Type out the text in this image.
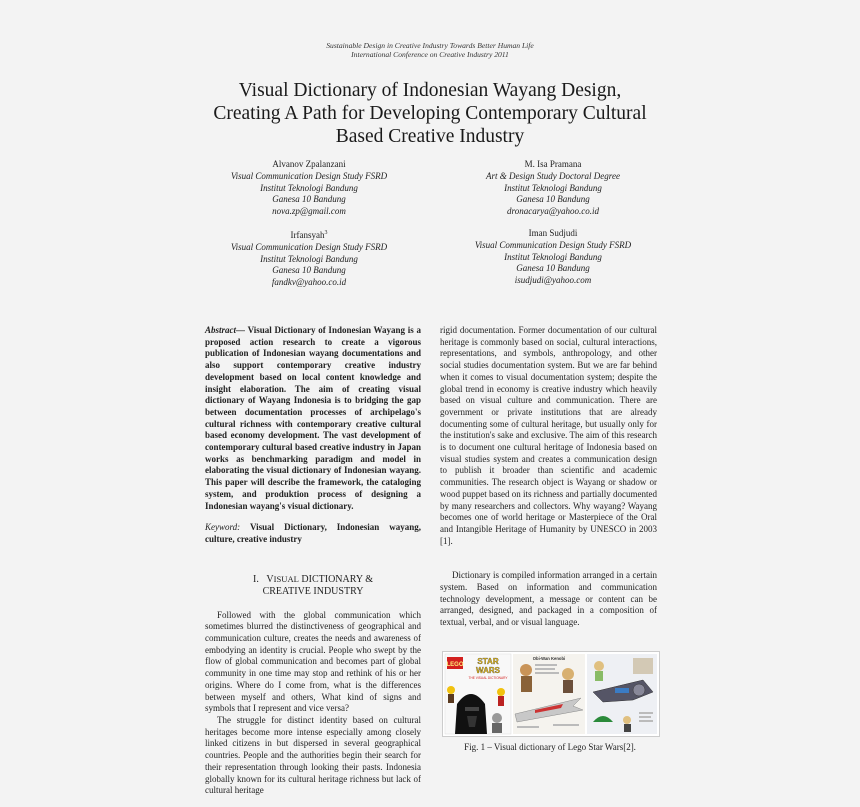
Sustainable Design in Creative Industry Towards Better Human Life
International Conference on Creative Industry 2011
Visual Dictionary of Indonesian Wayang Design,
Creating A Path for Developing Contemporary Cultural
Based Creative Industry
Alvanov Zpalanzani
Visual Communication Design Study FSRD
Institut Teknologi Bandung
Ganesa 10 Bandung
nova.zp@gmail.com
M. Isa Pramana
Art & Design Study Doctoral Degree
Institut Teknologi Bandung
Ganesa 10 Bandung
dronacarya@yahoo.co.id
Irfansyah$^3$
Visual Communication Design Study FSRD
Institut Teknologi Bandung
Ganesa 10 Bandung
fandkv@yahoo.co.id
Iman Sudjudi
Visual Communication Design Study FSRD
Institut Teknologi Bandung
Ganesa 10 Bandung
isudjudi@yahoo.com

Abstract— Visual Dictionary of Indonesian Wayang is a proposed action research to create a vigorous publication of Indonesian wayang documentations and also support contemporary creative industry development based on local content knowledge and insight elaboration. The aim of creating visual dictionary of Wayang Indonesia is to bridging the gap between documentation processes of archipelago's cultural richness with contemporary creative cultural based economy development. The vast development of contemporary cultural based creative industry in Japan works as benchmarking paradigm and model in elaborating the visual dictionary of Indonesian wayang. This paper will describe the framework, the cataloging system, and produktion process of designing a Indonesian wayang's visual dictionary.

Keyword: Visual Dictionary, Indonesian wayang, culture, creative industry

I. VISUAL DICTIONARY &
CREATIVE INDUSTRY

Followed with the global communication which sometimes blurred the distinctiveness of geographical and communication culture, creates the needs and awareness of embodying an identity is crucial. People who swept by the flow of global communication and becomes part of global community in one time may stop and rethink of his or her origins. Where do I come from, what is the differences between myself and others, What kind of signs and symbols that I represent and vice versa?

The struggle for distinct identity based on cultural heritages become more intense especially among closely linked citizens in but dispersed in several geographical countries. People and the authorities begin their search for their representation through looking their pasts. Indonesia globally known for its cultural heritage richness but lack of cultural heritage

rigid documentation. Former documentation of our cultural heritage is commonly based on social, cultural interactions, representations, and symbols, anthropology, and other social studies documentation system. But we are far behind when it comes to visual documentation system; despite the global trend in economy is creative industry which heavily based on visual culture and communication. There are government or private institutions that are already documenting some of cultural heritage, but usually only for the institution's sake and exclusive. The aim of this research is to document one cultural heritage of Indonesia based on visual studies system and creates a communication design to publish it broader than scientific and academic communities. The research object is Wayang or shadow or wood puppet based on its richness and partially documented by many researchers and collectors. Why wayang? Wayang becomes one of world heritage or Masterpiece of the Oral and Intangible Heritage of Humanity by UNESCO in 2003 [1].

Dictionary is compiled information arranged in a certain system. Based on information and communication technology development, a message or content can be arranged, designed, and packaged in a composition of textual, verbal, and or visual language.

LEGO STAR
WARS
THE VISUAL DICTIONARY
Obi-Wan Kenobi
Fig. 1 – Visual dictionary of Lego Star Wars[2].
